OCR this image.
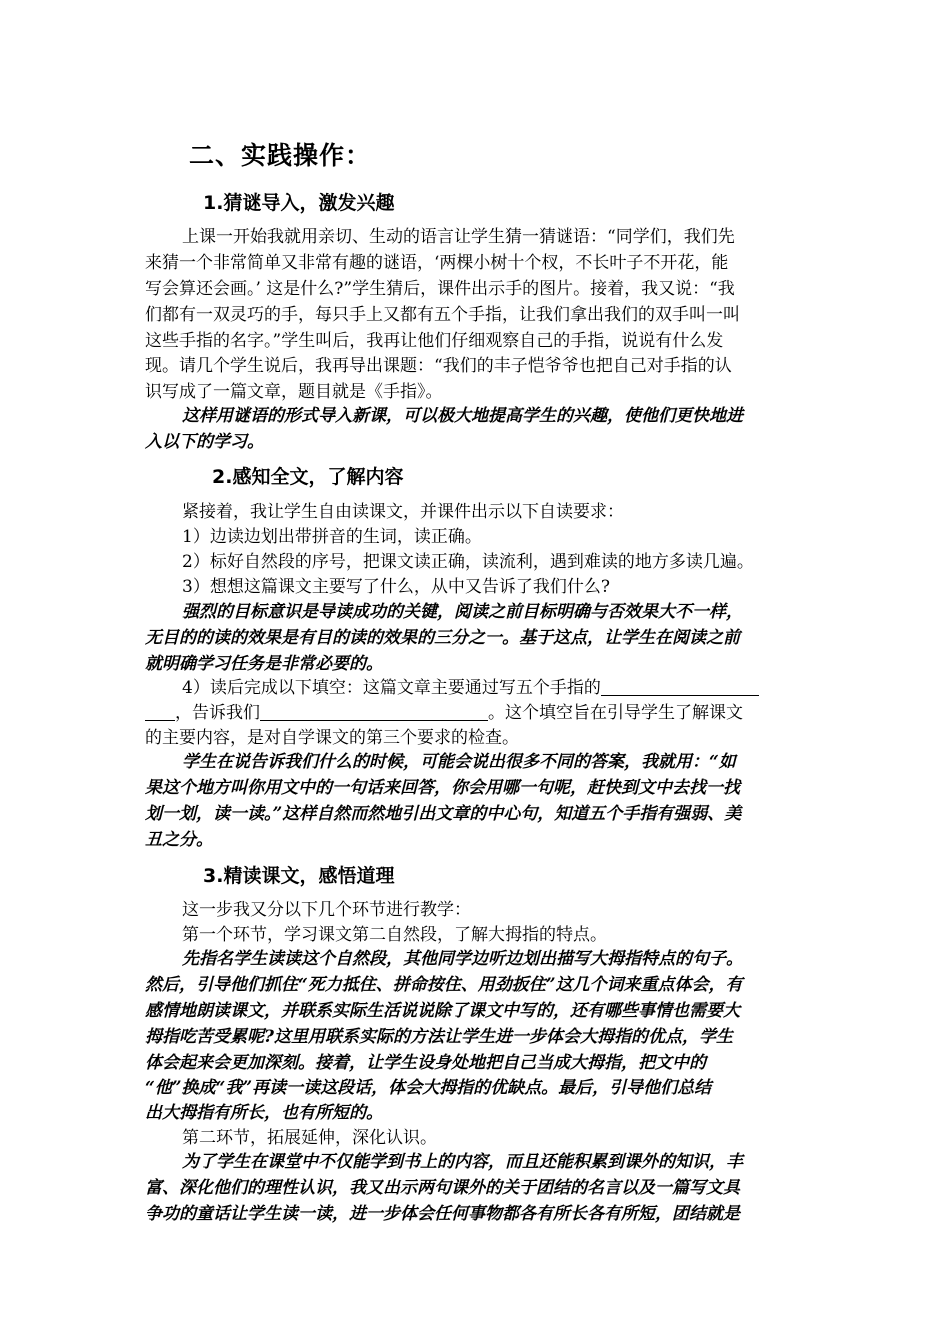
二、实践操作：
1.猜谜导入，激发兴趣
上课一开始我就用亲切、生动的语言让学生猜一猜谜语：“同学们，我们先
来猜一个非常简单又非常有趣的谜语，‘两棵小树十个杈，不长叶子不开花，能
写会算还会画。’ 这是什么?”学生猜后，课件出示手的图片。接着，我又说：“我
们都有一双灵巧的手，每只手上又都有五个手指，让我们拿出我们的双手叫一叫
这些手指的名字。”学生叫后，我再让他们仔细观察自己的手指，说说有什么发
现。请几个学生说后，我再导出课题：“我们的丰子恺爷爷也把自己对手指的认
识写成了一篇文章，题目就是《手指》。
这样用谜语的形式导入新课，可以极大地提高学生的兴趣，使他们更快地进
入以下的学习。
2.感知全文，了解内容
紧接着，我让学生自由读课文，并课件出示以下自读要求：
1）边读边划出带拼音的生词，读正确。
2）标好自然段的序号，把课文读正确，读流利，遇到难读的地方多读几遍。
3）想想这篇课文主要写了什么，从中又告诉了我们什么?
强烈的目标意识是导读成功的关键，阅读之前目标明确与否效果大不一样，
无目的的读的效果是有目的读的效果的三分之一。基于这点，让学生在阅读之前
就明确学习任务是非常必要的。
4）读后完成以下填空：这篇文章主要通过写五个手指的
，告诉我们	。这个填空旨在引导学生了解课文
的主要内容，是对自学课文的第三个要求的检查。
学生在说告诉我们什么的时候，可能会说出很多不同的答案，我就用：“如
果这个地方叫你用文中的一句话来回答，你会用哪一句呢，赶快到文中去找一找
划一划，读一读。”这样自然而然地引出文章的中心句，知道五个手指有强弱、美
丑之分。
3.精读课文，感悟道理
这一步我又分以下几个环节进行教学：
第一个环节，学习课文第二自然段，了解大拇指的特点。
先指名学生读读这个自然段，其他同学边听边划出描写大拇指特点的句子。
然后，引导他们抓住“死力抵住、拼命按住、用劲扳住”这几个词来重点体会，有
感情地朗读课文，并联系实际生活说说除了课文中写的，还有哪些事情也需要大
拇指吃苦受累呢?这里用联系实际的方法让学生进一步体会大拇指的优点，学生
体会起来会更加深刻。接着，让学生设身处地把自己当成大拇指，把文中的
“他”换成“我”再读一读这段话，体会大拇指的优缺点。最后，引导他们总结
出大拇指有所长，也有所短的。
第二环节，拓展延伸，深化认识。
为了学生在课堂中不仅能学到书上的内容，而且还能积累到课外的知识，丰
富、深化他们的理性认识，我又出示两句课外的关于团结的名言以及一篇写文具
争功的童话让学生读一读，进一步体会任何事物都各有所长各有所短，团结就是
